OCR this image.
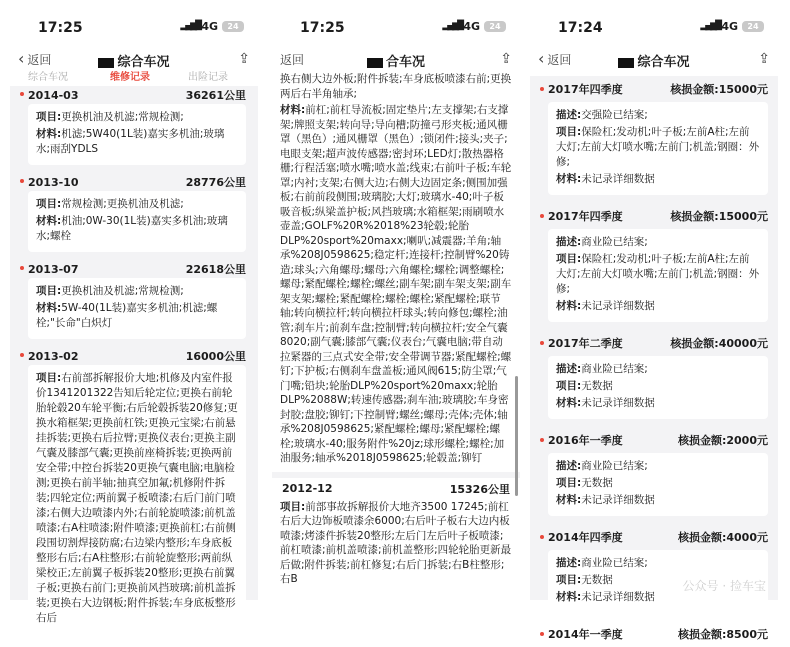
17:25	▂▄▆█ 4G	24
‹ 返回	综合车况	⇪
综合车况	维修记录	出险记录
2014-03	36261公里

项目:更换机油及机滤;常规检测;

材料:机滤;5W40(1L装)嘉实多机油;玻璃水;雨刮YDLS

2013-10	28776公里

项目:常规检测;更换机油及机滤;

材料:机油;0W-30(1L装)嘉实多机油;玻璃水;螺栓

2013-07	22618公里

项目:更换机油及机滤;常规检测;

材料:5W-40(1L装)嘉实多机油;机滤;螺栓;"长命"白炽灯

2013-02	16000公里

项目:右前部拆解报价大地;机修及内室件报价1341201322告知后轮定位;更换右前轮胎轮毂20车轮平衡;右后轮毂拆装20修复;更换水箱框架;更换前杠铁;更换元宝梁;右前悬挂拆装;更换右后拉臂;更换仪表台;更换主副气囊及膝部气囊;更换前座椅拆装;更换两前安全带;中控台拆装20更换气囊电脑;电脑检测;更换右前半轴;抽真空加氟;机修附件拆装;四轮定位;两前翼子板喷漆;右后门前门喷漆;右侧大边喷漆内外;右前轮旋喷漆;前机盖喷漆;右A柱喷漆;附件喷漆;更换前杠;右前侧段围切割焊接防腐;右边梁内整形;车身底板整形右后;右A柱整形;右前轮旋整形;两前纵梁校正;左前翼子板拆装20整形;更换右前翼子板;更换右前门;更换前风挡玻璃;前机盖拆装;更换右大边钢板;附件拆装;车身底板整形右后

17:25	▂▄▆█ 4G	24
返回	合车况	⇪
换右侧大边外板;附件拆装;车身底板喷漆右前;更换两后右半角轴承;
材料:前杠;前杠导流板;固定垫片;左支撑架;右支撑架;牌照支架;转向导;导向槽;防撞弓形夹板;通风栅罩（黑色）;通风栅罩（黑色）;锁闭件;接头;夹子;电眼支架;超声波传感器;密封环;LED灯;散热器格栅;行程活塞;喷水嘴;喷水盖;线束;右前叶子板;车轮罩;内衬;支架;右侧大边;右侧大边固定条;侧围加强板;右前前段侧围;玻璃胶;大灯;玻璃水-40;叶子板吸音板;纵梁盖护板;风挡玻璃;水箱框架;雨刷喷水壶盖;GOLF%20R%2018%23轮毂;轮胎DLP%20sport%20maxx;喇叭;减震器;羊角;轴承%208J0598625;稳定杆;连接杆;控制臂%20铸造;球头;六角螺母;螺母;六角螺栓;螺栓;调整螺栓;螺母;紧配螺栓;螺栓;螺丝;副车架;副车架支架;副车架支架;螺栓;紧配螺栓;螺栓;螺栓;紧配螺栓;联节轴;转向横拉杆;转向横拉杆球头;转向修包;螺栓;油管;刹车片;前刹车盘;控制臂;转向横拉杆;安全气囊8020;副气囊;膝部气囊;仪表台;气囊电脑;带自动拉紧器的三点式安全带;安全带调节器;紧配螺栓;螺钉;下护板;右侧刹车盘盖板;通风阀615;防尘罩;气门嘴;铅块;轮胎DLP%20sport%20maxx;轮胎DLP%2088W;转速传感器;刹车油;玻璃胶;车身密封胶;盘胶;铆钉;下控制臂;螺丝;螺母;壳体;壳体;轴承%208J0598625;紧配螺栓;螺母;紧配螺栓;螺栓;玻璃水-40;服务附件%20jz;球形螺栓;螺栓;加油服务;轴承%2018J0598625;轮毂盖;铆钉
2012-12	15326公里
项目:前部事故拆解报价大地齐3500 17245;前杠右后大边饰板喷漆余6000;右后叶子板右大边内板喷漆;烤漆件拆装20整形;左后门左后叶子板喷漆;前杠喷漆;前机盖喷漆;前机盖整形;四轮轮胎更新最后做;附件拆装;前杠修复;右后门拆装;右B柱整形;右B
17:24	▂▄▆█ 4G	24
‹ 返回	综合车况	⇪
2017年四季度	核损金额:15000元

描述:交强险已结案;

项目:保险杠;发动机;叶子板;左前A柱;左前大灯;左前大灯喷水嘴;左前门;机盖;钢圈：外修;

材料:未记录详细数据

2017年四季度	核损金额:15000元

描述:商业险已结案;

项目:保险杠;发动机;叶子板;左前A柱;左前大灯;左前大灯喷水嘴;左前门;机盖;钢圈：外修;

材料:未记录详细数据

2017年二季度	核损金额:40000元

描述:商业险已结案;

项目:无数据

材料:未记录详细数据

2016年一季度	核损金额:2000元

描述:商业险已结案;

项目:无数据

材料:未记录详细数据

2014年四季度	核损金额:4000元

描述:商业险已结案;

项目:无数据

材料:未记录详细数据

2014年一季度	核损金额:8500元
公众号 · 捡车宝
